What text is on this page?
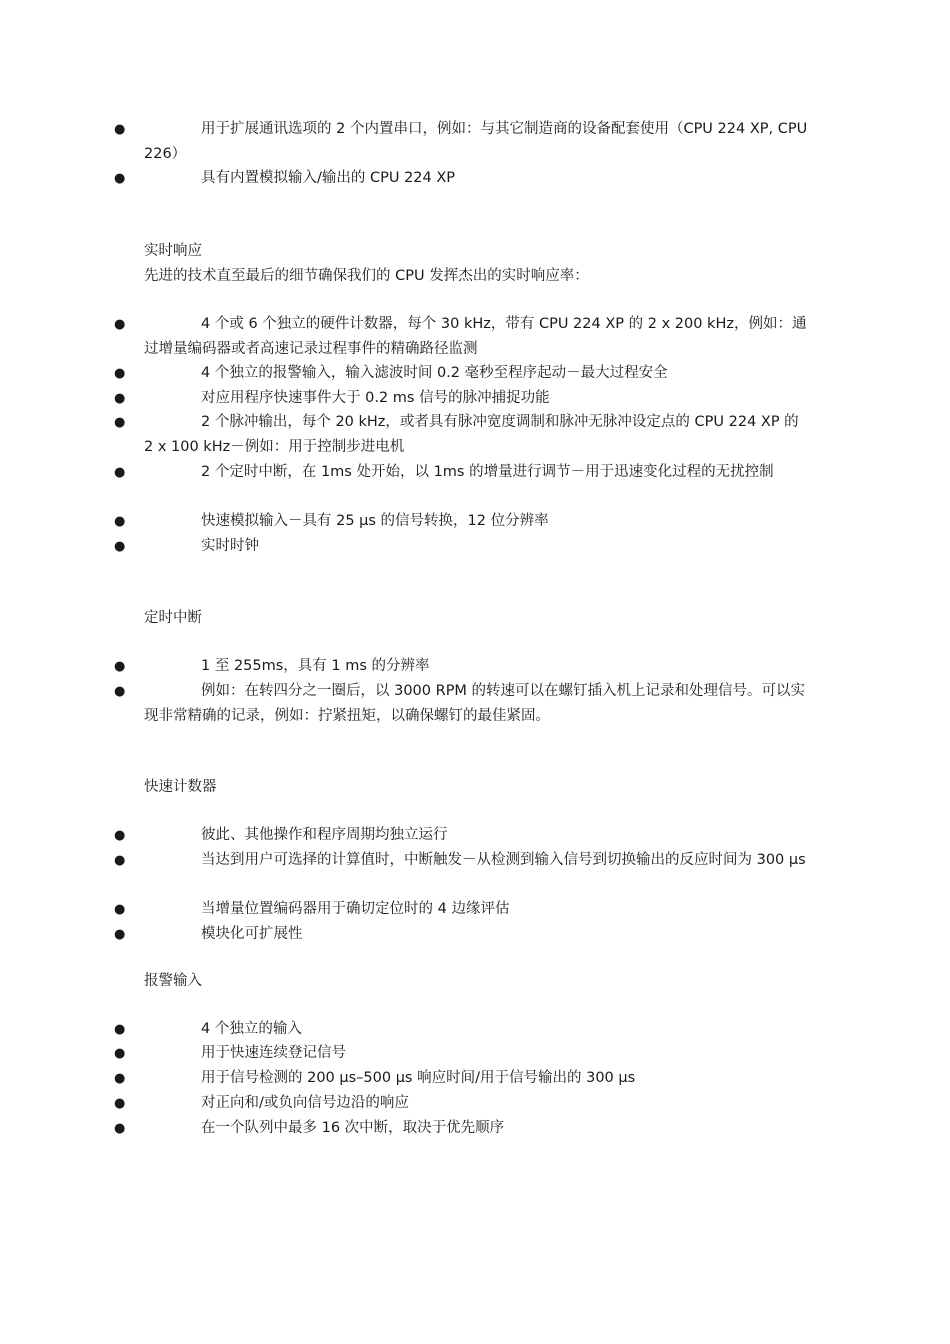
●	用于扩展通讯选项的 2 个内置串口，例如：与其它制造商的设备配套使用（CPU 224 XP, CPU 226）
●	具有内置模拟输入/输出的 CPU 224 XP
实时响应
先进的技术直至最后的细节确保我们的 CPU 发挥杰出的实时响应率：
●	4 个或 6 个独立的硬件计数器，每个 30 kHz，带有 CPU 224 XP 的 2 x 200 kHz，例如：通过增量编码器或者高速记录过程事件的精确路径监测
●	4 个独立的报警输入，输入滤波时间 0.2 毫秒至程序起动－最大过程安全
●	对应用程序快速事件大于 0.2 ms 信号的脉冲捕捉功能
●	2 个脉冲输出，每个 20 kHz，或者具有脉冲宽度调制和脉冲无脉冲设定点的 CPU 224 XP 的 2 x 100 kHz－例如：用于控制步进电机
●	2 个定时中断，在 1ms 处开始，以 1ms 的增量进行调节－用于迅速变化过程的无扰控制
●	快速模拟输入－具有 25 μs 的信号转换，12 位分辨率
●	实时时钟
定时中断
●	1 至 255ms，具有 1 ms 的分辨率
●	例如：在转四分之一圈后，以 3000 RPM 的转速可以在螺钉插入机上记录和处理信号。可以实现非常精确的记录，例如：拧紧扭矩，以确保螺钉的最佳紧固。
快速计数器
●	彼此、其他操作和程序周期均独立运行
●	当达到用户可选择的计算值时，中断触发－从检测到输入信号到切换输出的反应时间为 300 μs
●	当增量位置编码器用于确切定位时的 4 边缘评估
●	模块化可扩展性
报警输入
●	4 个独立的输入
●	用于快速连续登记信号
●	用于信号检测的 200 μs–500 μs 响应时间/用于信号输出的 300 μs
●	对正向和/或负向信号边沿的响应
●	在一个队列中最多 16 次中断，取决于优先顺序
